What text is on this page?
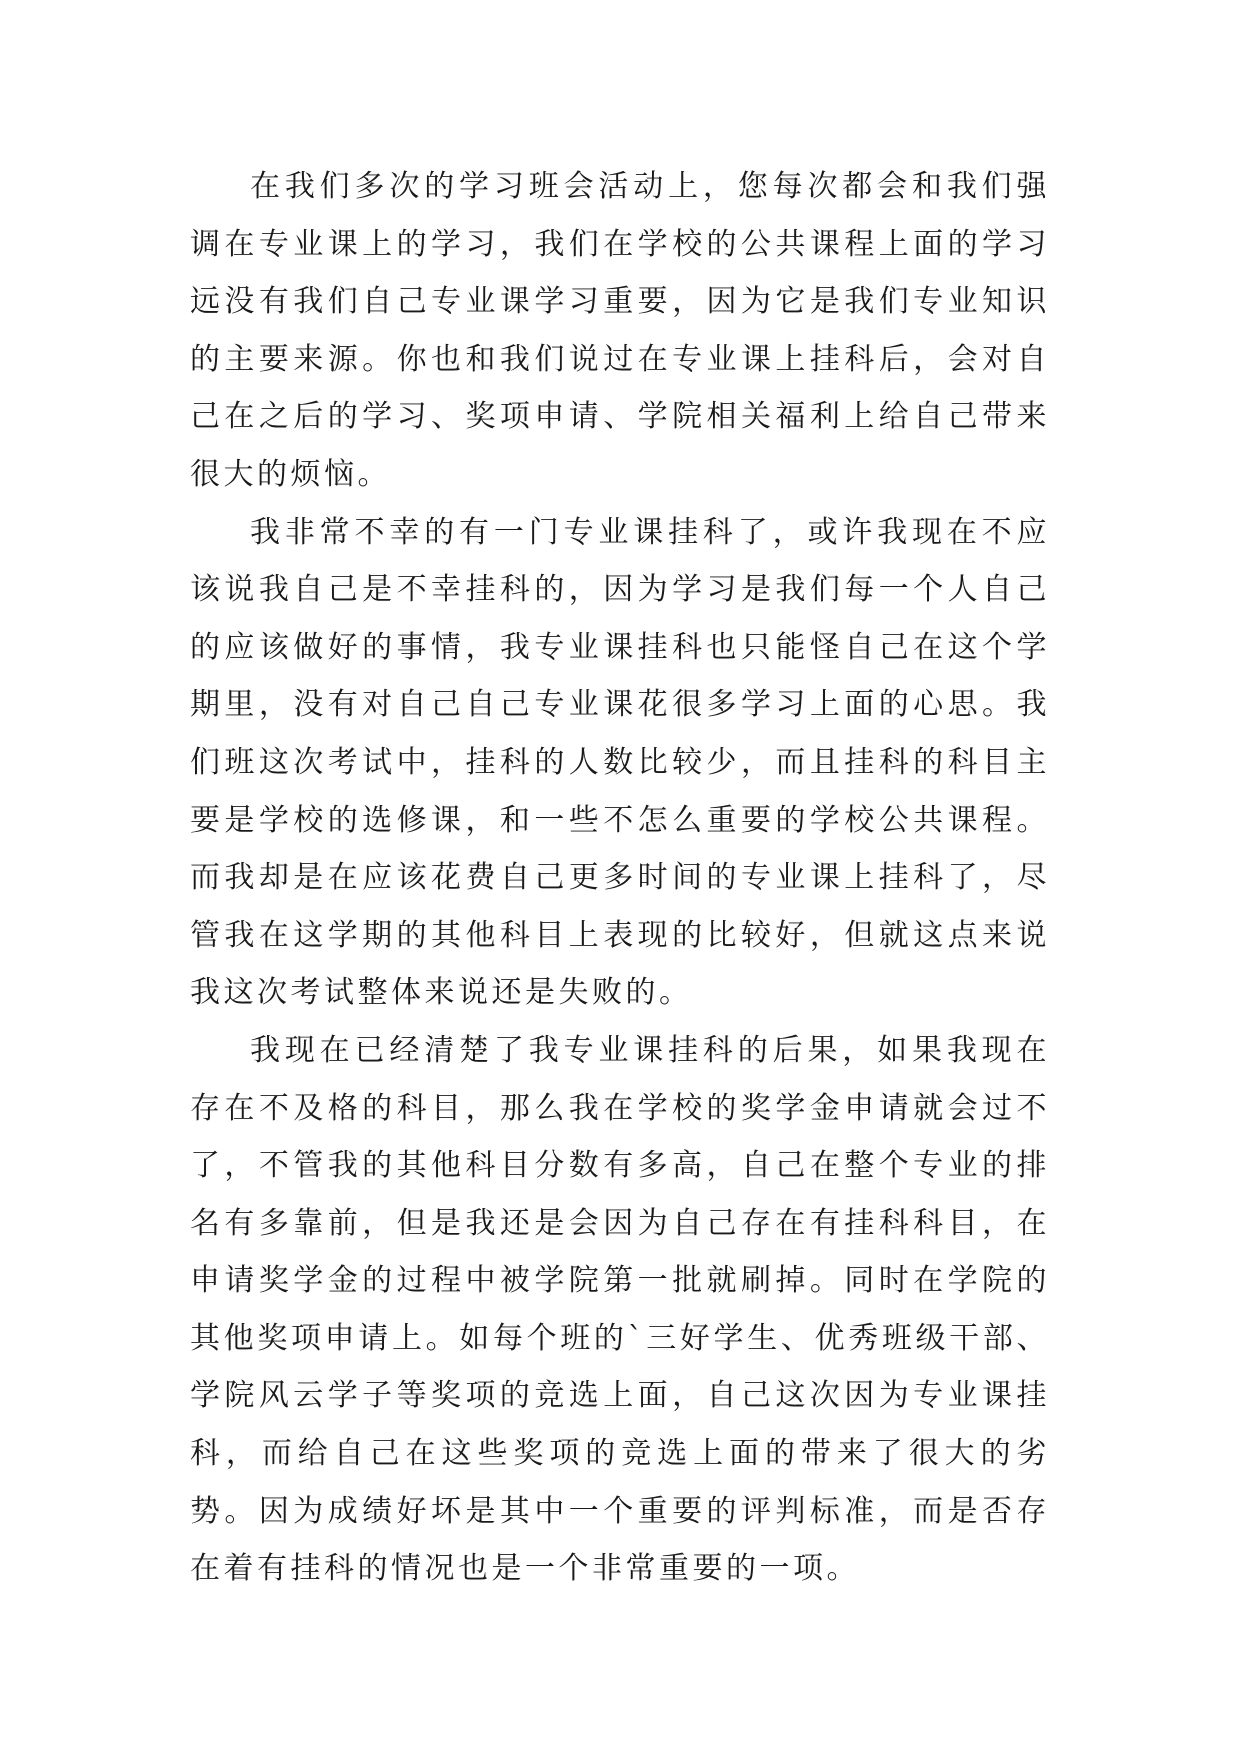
在我们多次的学习班会活动上，您每次都会和我们强调在专业课上的学习，我们在学校的公共课程上面的学习远没有我们自己专业课学习重要，因为它是我们专业知识的主要来源。你也和我们说过在专业课上挂科后，会对自己在之后的学习、奖项申请、学院相关福利上给自己带来很大的烦恼。

我非常不幸的有一门专业课挂科了，或许我现在不应该说我自己是不幸挂科的，因为学习是我们每一个人自己的应该做好的事情，我专业课挂科也只能怪自己在这个学期里，没有对自己自己专业课花很多学习上面的心思。我们班这次考试中，挂科的人数比较少，而且挂科的科目主要是学校的选修课，和一些不怎么重要的学校公共课程。而我却是在应该花费自己更多时间的专业课上挂科了，尽管我在这学期的其他科目上表现的比较好，但就这点来说我这次考试整体来说还是失败的。

我现在已经清楚了我专业课挂科的后果，如果我现在存在不及格的科目，那么我在学校的奖学金申请就会过不了，不管我的其他科目分数有多高，自己在整个专业的排名有多靠前，但是我还是会因为自己存在有挂科科目，在申请奖学金的过程中被学院第一批就刷掉。同时在学院的其他奖项申请上。如每个班的`三好学生、优秀班级干部、学院风云学子等奖项的竞选上面，自己这次因为专业课挂科，而给自己在这些奖项的竞选上面的带来了很大的劣势。因为成绩好坏是其中一个重要的评判标准，而是否存在着有挂科的情况也是一个非常重要的一项。
